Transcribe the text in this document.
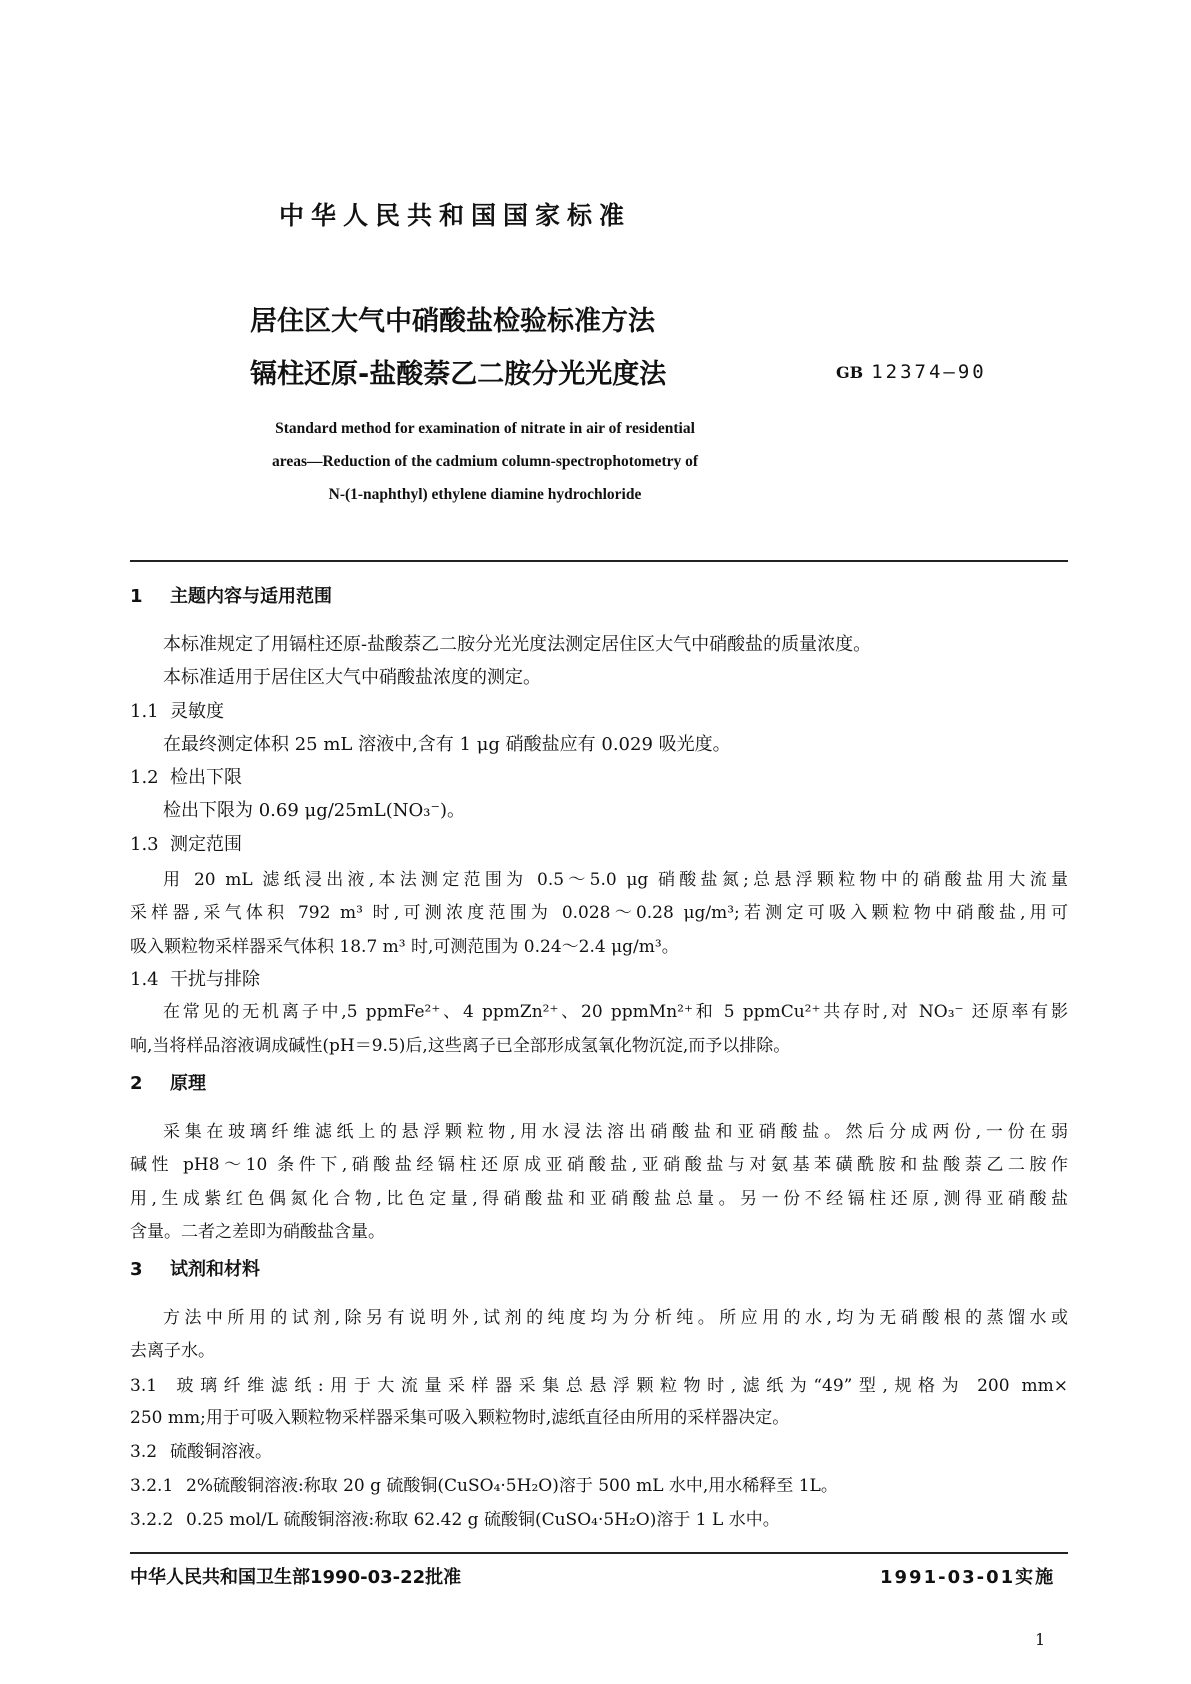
中华人民共和国国家标准
居住区大气中硝酸盐检验标准方法
镉柱还原-盐酸萘乙二胺分光光度法	GB 12374—90
Standard method for examination of nitrate in air of residential
areas—Reduction of the cadmium column-spectrophotometry of
N-(1-naphthyl) ethylene diamine hydrochloride
1 主题内容与适用范围
本标准规定了用镉柱还原-盐酸萘乙二胺分光光度法测定居住区大气中硝酸盐的质量浓度。
本标准适用于居住区大气中硝酸盐浓度的测定。
1.1 灵敏度
在最终测定体积 25 mL 溶液中,含有 1 μg 硝酸盐应有 0.029 吸光度。
1.2 检出下限
检出下限为 0.69 μg/25mL(NO₃⁻)。
1.3 测定范围
用 20 mL 滤纸浸出液,本法测定范围为 0.5～5.0 μg 硝酸盐氮;总悬浮颗粒物中的硝酸盐用大流量
采样器,采气体积 792 m³ 时,可测浓度范围为 0.028～0.28 μg/m³;若测定可吸入颗粒物中硝酸盐,用可
吸入颗粒物采样器采气体积 18.7 m³ 时,可测范围为 0.24～2.4 μg/m³。
1.4 干扰与排除
在常见的无机离子中,5 ppmFe²⁺、4 ppmZn²⁺、20 ppmMn²⁺和 5 ppmCu²⁺共存时,对 NO₃⁻ 还原率有影
响,当将样品溶液调成碱性(pH＝9.5)后,这些离子已全部形成氢氧化物沉淀,而予以排除。
2 原理
采集在玻璃纤维滤纸上的悬浮颗粒物,用水浸法溶出硝酸盐和亚硝酸盐。然后分成两份,一份在弱
碱性 pH8～10 条件下,硝酸盐经镉柱还原成亚硝酸盐,亚硝酸盐与对氨基苯磺酰胺和盐酸萘乙二胺作
用,生成紫红色偶氮化合物,比色定量,得硝酸盐和亚硝酸盐总量。另一份不经镉柱还原,测得亚硝酸盐
含量。二者之差即为硝酸盐含量。
3 试剂和材料
方法中所用的试剂,除另有说明外,试剂的纯度均为分析纯。所应用的水,均为无硝酸根的蒸馏水或
去离子水。
3.1 玻璃纤维滤纸:用于大流量采样器采集总悬浮颗粒物时,滤纸为“49”型,规格为 200 mm×
250 mm;用于可吸入颗粒物采样器采集可吸入颗粒物时,滤纸直径由所用的采样器决定。
3.2 硫酸铜溶液。
3.2.1 2%硫酸铜溶液:称取 20 g 硫酸铜(CuSO₄·5H₂O)溶于 500 mL 水中,用水稀释至 1L。
3.2.2 0.25 mol/L 硫酸铜溶液:称取 62.42 g 硫酸铜(CuSO₄·5H₂O)溶于 1 L 水中。
中华人民共和国卫生部1990-03-22批准	1991-03-01实施
1
